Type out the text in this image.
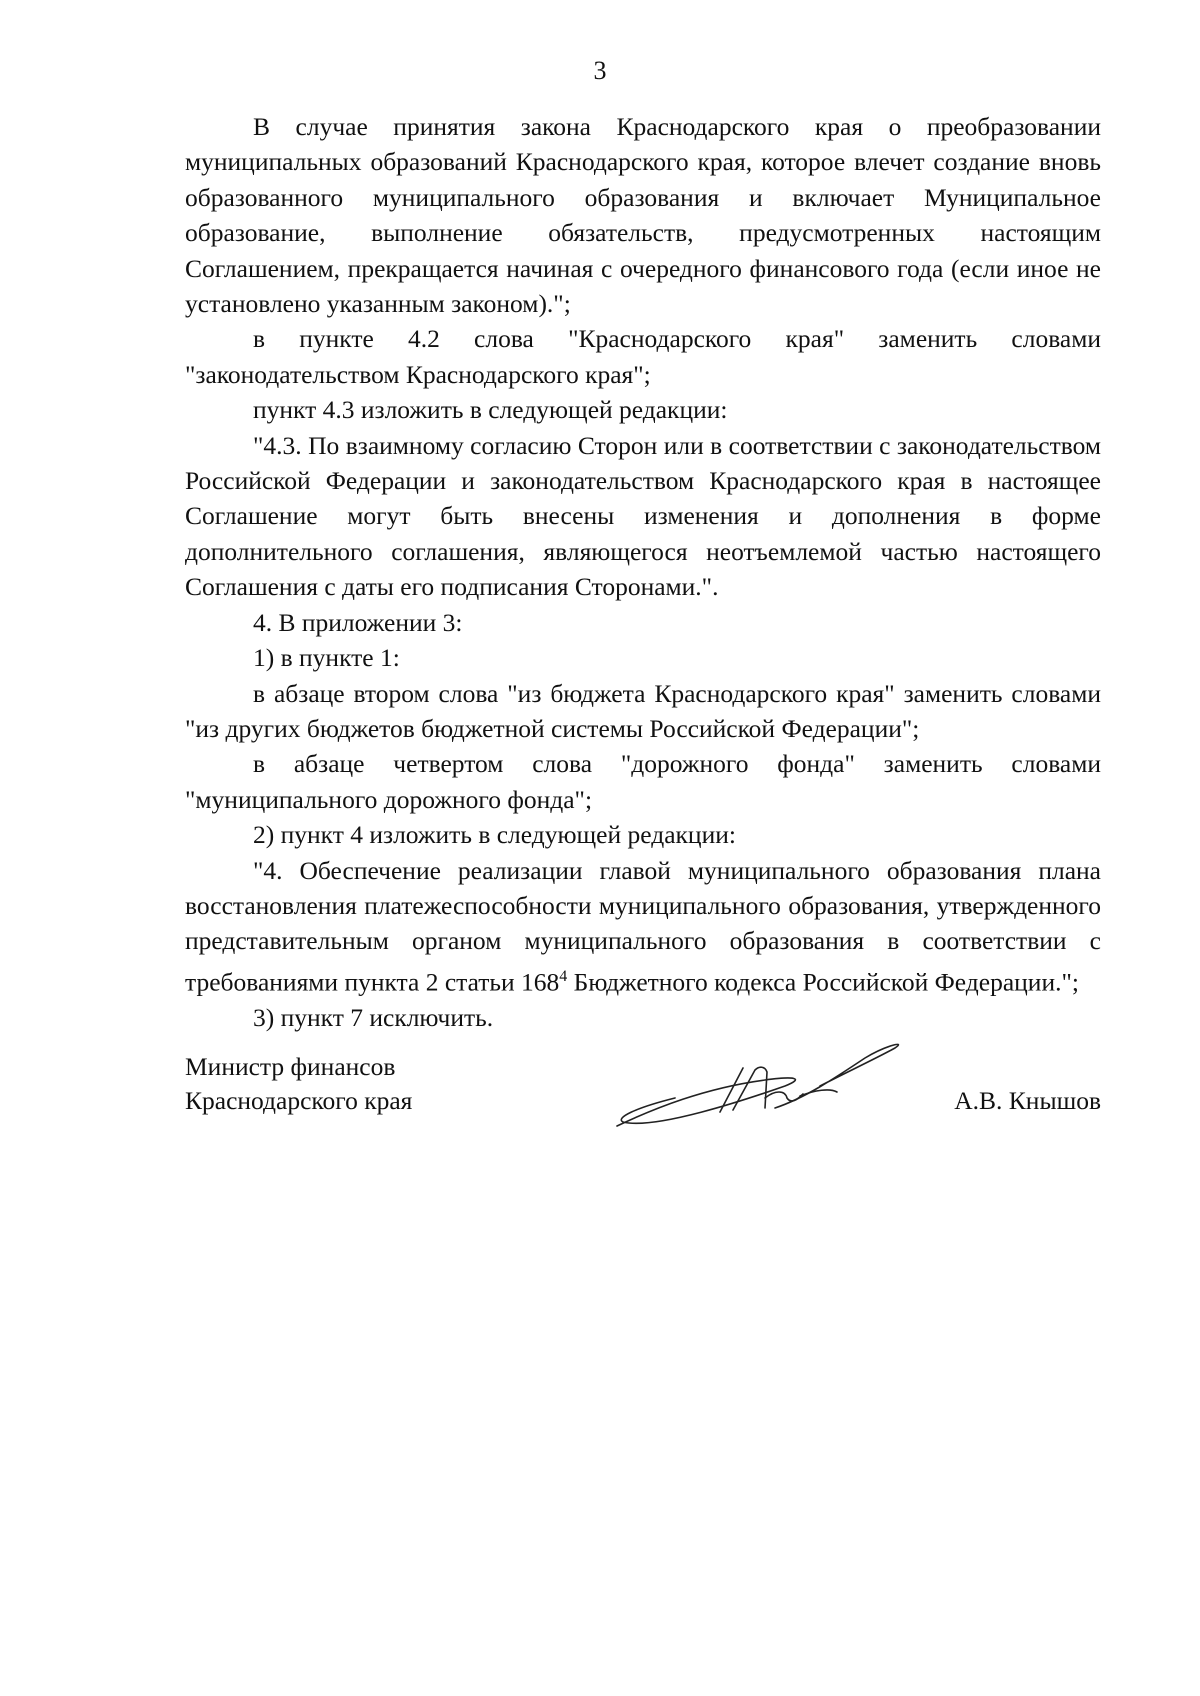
3

В случае принятия закона Краснодарского края о преобразовании муниципальных образований Краснодарского края, которое влечет создание вновь образованного муниципального образования и включает Муниципальное образование, выполнение обязательств, предусмотренных настоящим Соглашением, прекращается начиная с очередного финансового года (если иное не установлено указанным законом).";

в пункте 4.2 слова "Краснодарского края" заменить словами "законодательством Краснодарского края";

пункт 4.3 изложить в следующей редакции:

"4.3. По взаимному согласию Сторон или в соответствии с законодательством Российской Федерации и законодательством Краснодарского края в настоящее Соглашение могут быть внесены изменения и дополнения в форме дополнительного соглашения, являющегося неотъемлемой частью настоящего Соглашения с даты его подписания Сторонами.".

4. В приложении 3:

1) в пункте 1:

в абзаце втором слова "из бюджета Краснодарского края" заменить словами "из других бюджетов бюджетной системы Российской Федерации";

в абзаце четвертом слова "дорожного фонда" заменить словами "муниципального дорожного фонда";

2) пункт 4 изложить в следующей редакции:

"4. Обеспечение реализации главой муниципального образования плана восстановления платежеспособности муниципального образования, утвержденного представительным органом муниципального образования в соответствии с требованиями пункта 2 статьи $168^4$ Бюджетного кодекса Российской Федерации.";

3) пункт 7 исключить.

Министр финансов
Краснодарского края	А.В. Кнышов
